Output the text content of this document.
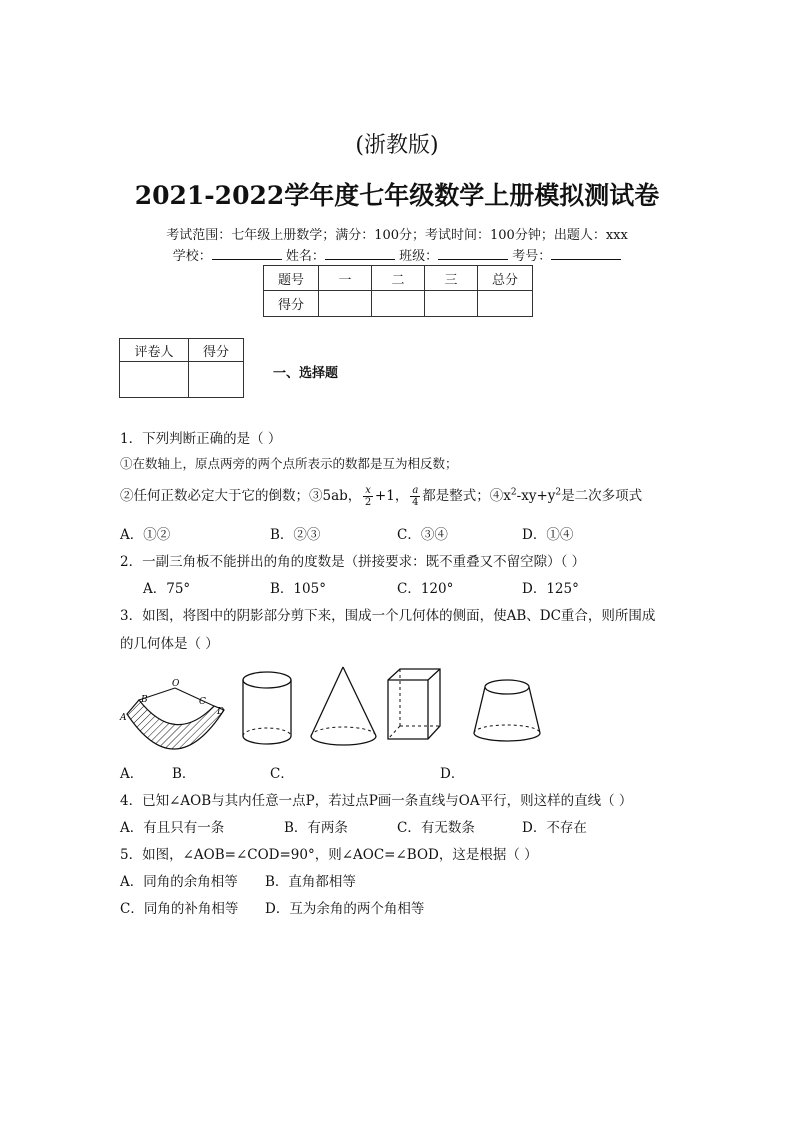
(浙教版)
2021-2022学年度七年级数学上册模拟测试卷
考试范围：七年级上册数学；满分：100分；考试时间：100分钟；出题人：xxx
学校：	姓名：	班级：	考号：
题号	一	二	三	总分
得分				
评卷人	得分

一、选择题
1．下列判断正确的是（ ）
①在数轴上，原点两旁的两个点所表示的数都是互为相反数；
②任何正数必定大于它的倒数；③5ab， $\frac{x}{2} +1$， $\frac{a}{4}$ 都是整式；$④x^2-xy+y^2$是二次多项式
A．①②	B．②③	C．③④	D．①④
2．一副三角板不能拼出的角的度数是（拼接要求：既不重叠又不留空隙）（ ）
A．75°	B．105°	C．120°	D．125°
3．如图，将图中的阴影部分剪下来，围成一个几何体的侧面，使AB、DC重合，则所围成
的几何体是（ ）
O
B	C
A
D
A． B．	C．	D．
4．已知∠AOB与其内任意一点P，若过点P画一条直线与OA平行，则这样的直线（ ）
A．有且只有一条	B．有两条	C．有无数条	D．不存在
5．如图，∠AOB=∠COD=90°，则∠AOC=∠BOD，这是根据（ ）
A．同角的余角相等 B．直角都相等
C．同角的补角相等 D．互为余角的两个角相等
